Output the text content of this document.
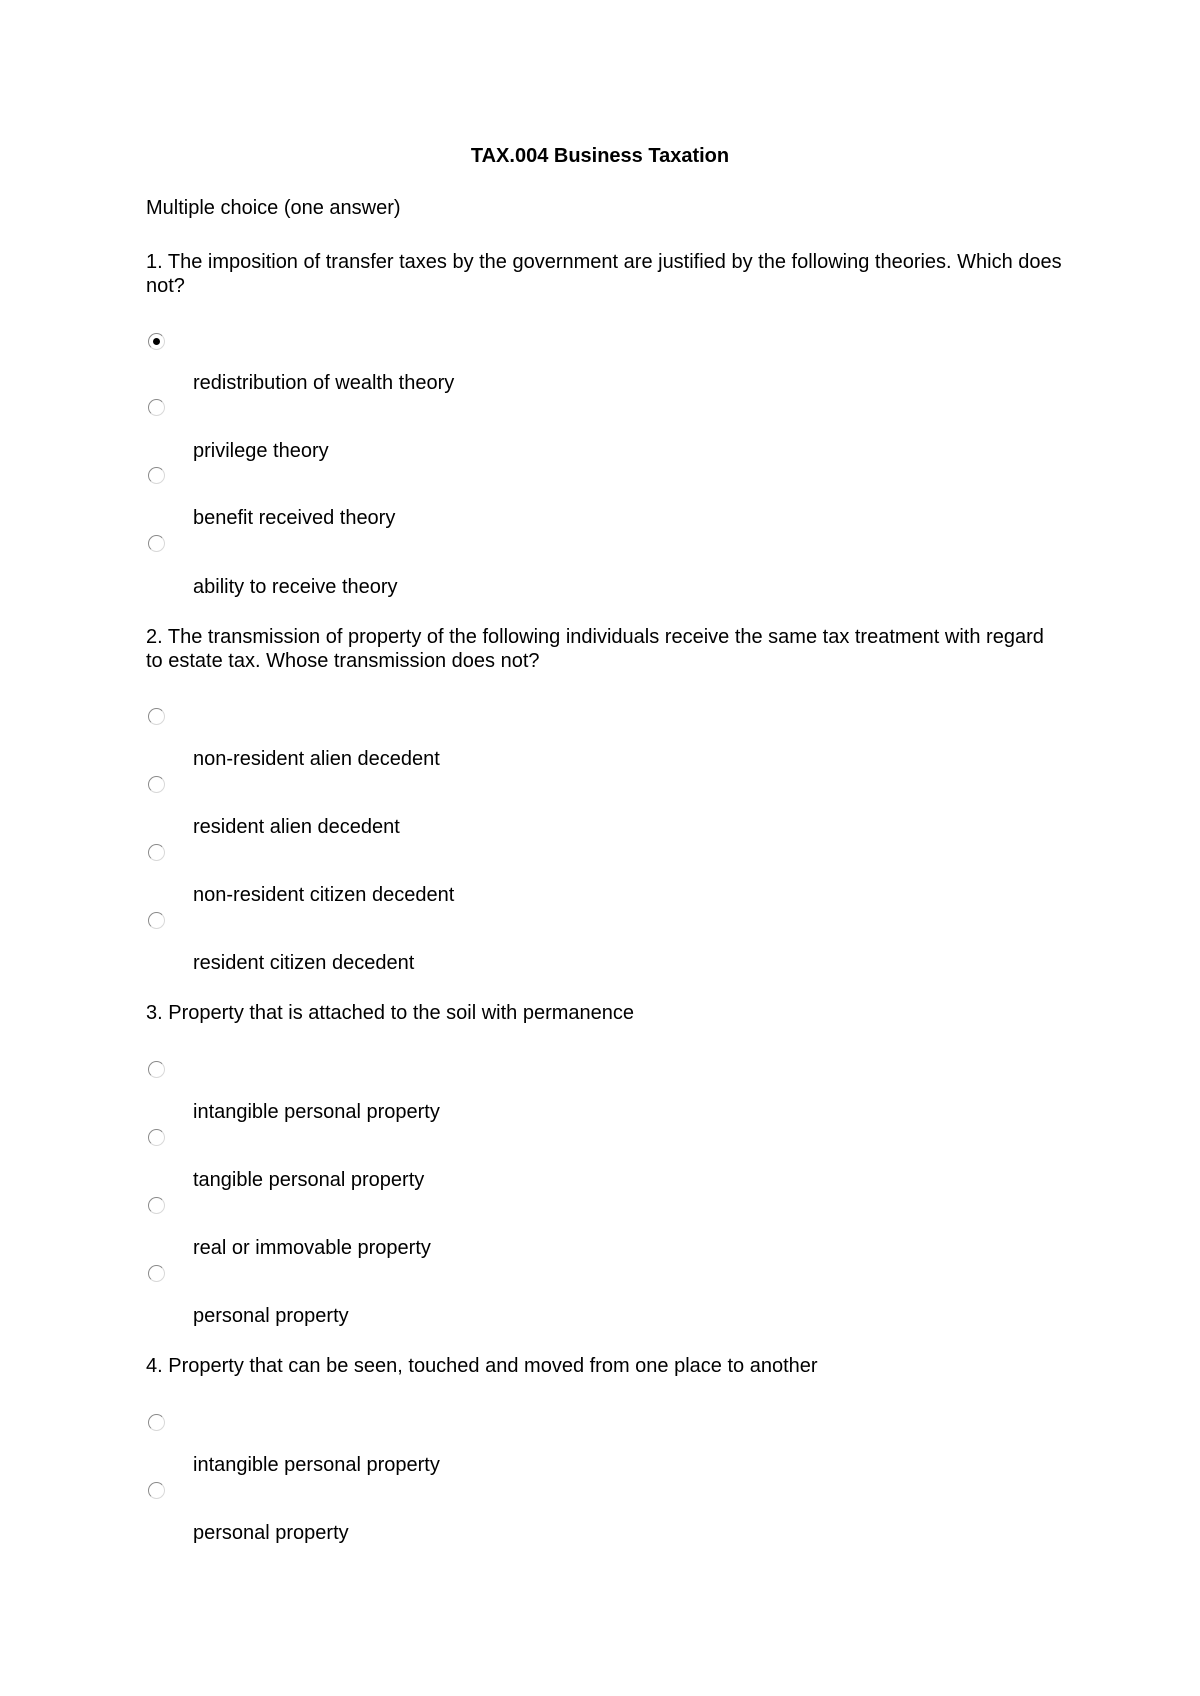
TAX.004 Business Taxation
Multiple choice (one answer)
1. The imposition of transfer taxes by the government are justified by the following theories. Which does not?
redistribution of wealth theory
privilege theory
benefit received theory
ability to receive theory
2. The transmission of property of the following individuals receive the same tax treatment with regard to estate tax. Whose transmission does not?
non-resident alien decedent
resident alien decedent
non-resident citizen decedent
resident citizen decedent
3. Property that is attached to the soil with permanence
intangible personal property
tangible personal property
real or immovable property
personal property
4. Property that can be seen, touched and moved from one place to another
intangible personal property
personal property
